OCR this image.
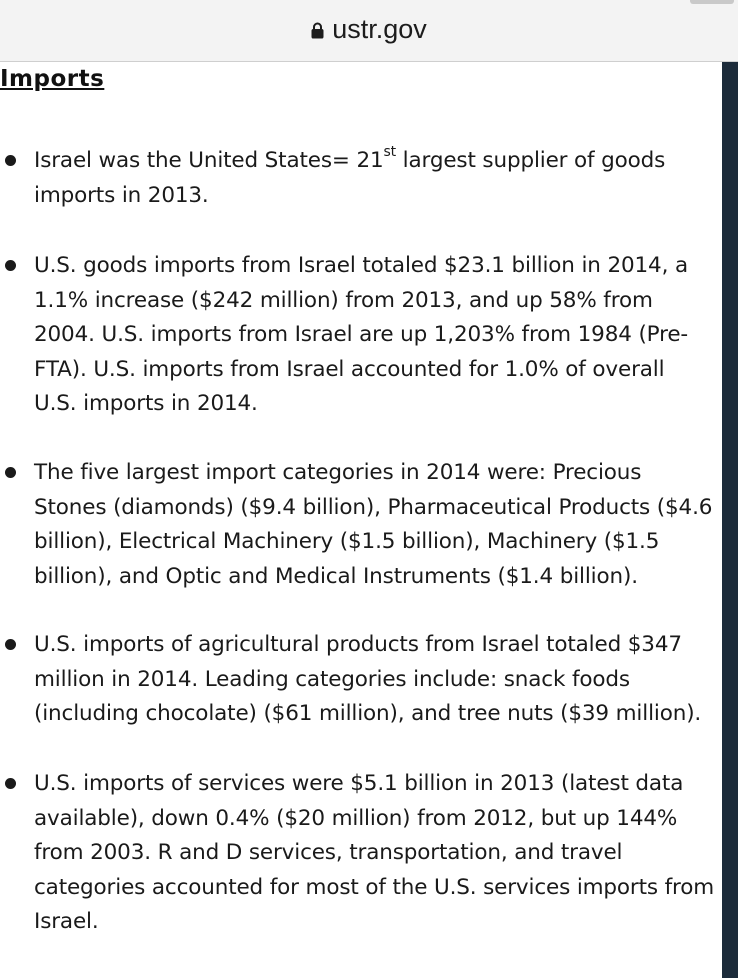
ustr.gov
Imports
Israel was the United States= 21st largest supplier of goods
imports in 2013.
U.S. goods imports from Israel totaled $23.1 billion in 2014, a
1.1% increase ($242 million) from 2013, and up 58% from
2004. U.S. imports from Israel are up 1,203% from 1984 (Pre-
FTA). U.S. imports from Israel accounted for 1.0% of overall
U.S. imports in 2014.
The five largest import categories in 2014 were: Precious
Stones (diamonds) ($9.4 billion), Pharmaceutical Products ($4.6
billion), Electrical Machinery ($1.5 billion), Machinery ($1.5
billion), and Optic and Medical Instruments ($1.4 billion).
U.S. imports of agricultural products from Israel totaled $347
million in 2014. Leading categories include: snack foods
(including chocolate) ($61 million), and tree nuts ($39 million).
U.S. imports of services were $5.1 billion in 2013 (latest data
available), down 0.4% ($20 million) from 2012, but up 144%
from 2003. R and D services, transportation, and travel
categories accounted for most of the U.S. services imports from
Israel.
